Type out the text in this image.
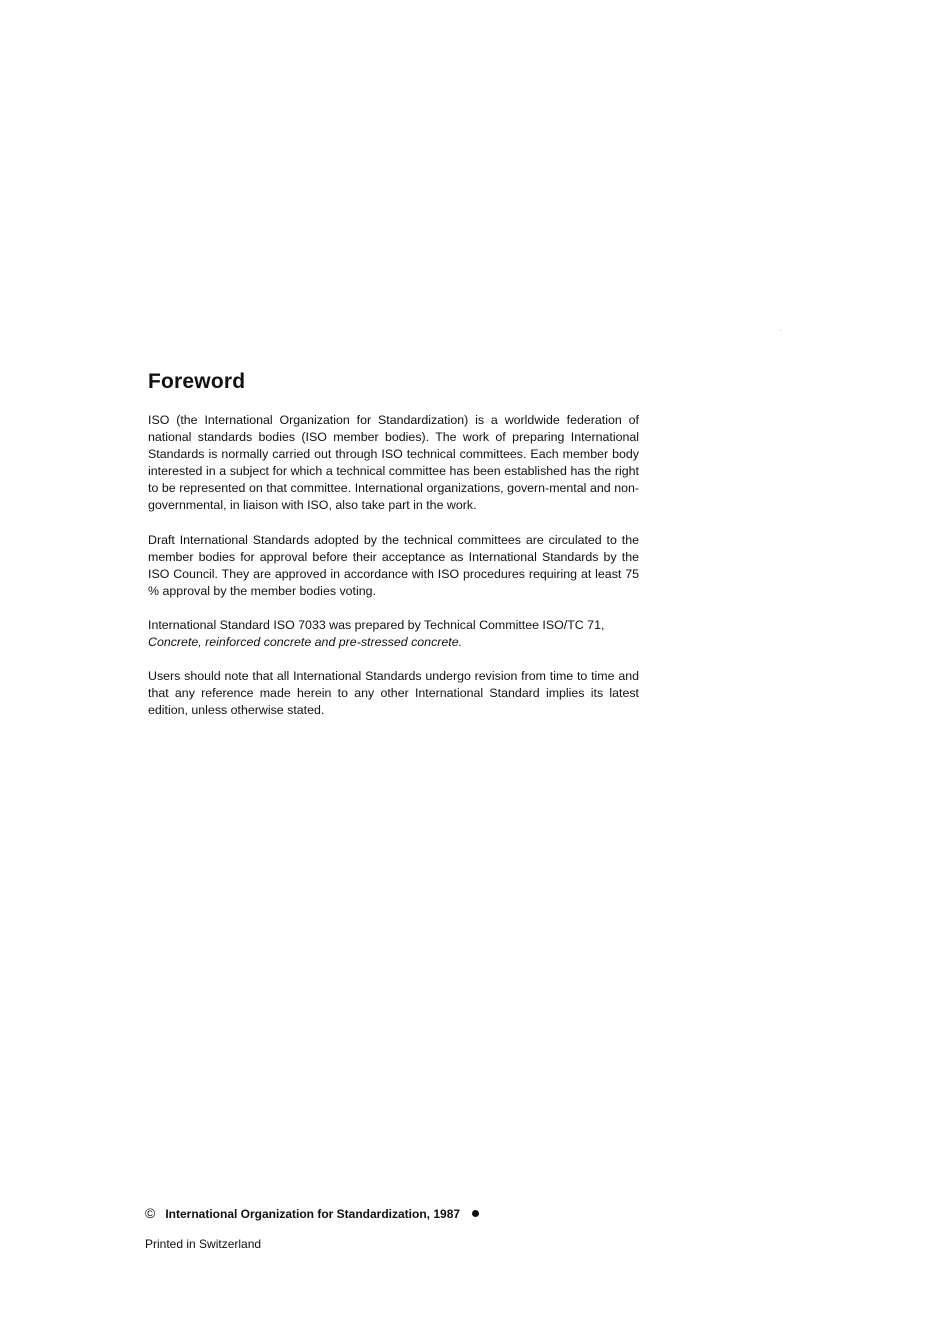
Foreword

ISO (the International Organization for Standardization) is a worldwide federation of national standards bodies (ISO member bodies). The work of preparing International Standards is normally carried out through ISO technical committees. Each member body interested in a subject for which a technical committee has been established has the right to be represented on that committee. International organizations, govern-mental and non-governmental, in liaison with ISO, also take part in the work.

Draft International Standards adopted by the technical committees are circulated to the member bodies for approval before their acceptance as International Standards by the ISO Council. They are approved in accordance with ISO procedures requiring at least 75 % approval by the member bodies voting.

International Standard ISO 7033 was prepared by Technical Committee ISO/TC 71,
Concrete, reinforced concrete and pre-stressed concrete.

Users should note that all International Standards undergo revision from time to time and that any reference made herein to any other International Standard implies its latest edition, unless otherwise stated.

© International Organization for Standardization, 1987
Printed in Switzerland
